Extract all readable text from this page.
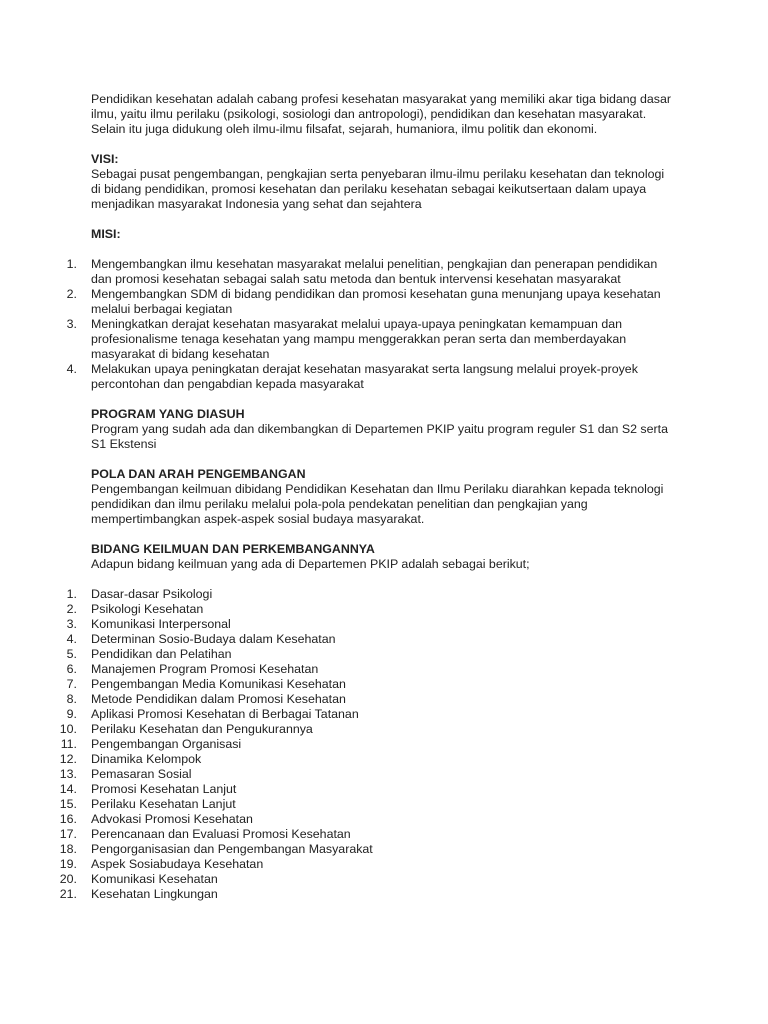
Pendidikan kesehatan adalah cabang profesi kesehatan masyarakat yang memiliki akar tiga bidang dasar ilmu, yaitu ilmu perilaku (psikologi, sosiologi dan antropologi), pendidikan dan kesehatan masyarakat. Selain itu juga didukung oleh ilmu-ilmu filsafat, sejarah, humaniora, ilmu politik dan ekonomi.

VISI:

Sebagai pusat pengembangan, pengkajian serta penyebaran ilmu-ilmu perilaku kesehatan dan teknologi di bidang pendidikan, promosi kesehatan dan perilaku kesehatan sebagai keikutsertaan dalam upaya menjadikan masyarakat Indonesia yang sehat dan sejahtera

MISI:

1. Mengembangkan ilmu kesehatan masyarakat melalui penelitian, pengkajian dan penerapan pendidikan dan promosi kesehatan sebagai salah satu metoda dan bentuk intervensi kesehatan masyarakat
2. Mengembangkan SDM di bidang pendidikan dan promosi kesehatan guna menunjang upaya kesehatan melalui berbagai kegiatan
3. Meningkatkan derajat kesehatan masyarakat melalui upaya-upaya peningkatan kemampuan dan profesionalisme tenaga kesehatan yang mampu menggerakkan peran serta dan memberdayakan masyarakat di bidang kesehatan
4. Melakukan upaya peningkatan derajat kesehatan masyarakat serta langsung melalui proyek-proyek percontohan dan pengabdian kepada masyarakat

PROGRAM YANG DIASUH

Program yang sudah ada dan dikembangkan di Departemen PKIP yaitu program reguler S1 dan S2 serta S1 Ekstensi

POLA DAN ARAH PENGEMBANGAN

Pengembangan keilmuan dibidang Pendidikan Kesehatan dan Ilmu Perilaku diarahkan kepada teknologi pendidikan dan ilmu perilaku melalui pola-pola pendekatan penelitian dan pengkajian yang mempertimbangkan aspek-aspek sosial budaya masyarakat.

BIDANG KEILMUAN DAN PERKEMBANGANNYA

Adapun bidang keilmuan yang ada di Departemen PKIP adalah sebagai berikut;

1. Dasar-dasar Psikologi
2. Psikologi Kesehatan
3. Komunikasi Interpersonal
4. Determinan Sosio-Budaya dalam Kesehatan
5. Pendidikan dan Pelatihan
6. Manajemen Program Promosi Kesehatan
7. Pengembangan Media Komunikasi Kesehatan
8. Metode Pendidikan dalam Promosi Kesehatan
9. Aplikasi Promosi Kesehatan di Berbagai Tatanan
10. Perilaku Kesehatan dan Pengukurannya
11. Pengembangan Organisasi
12. Dinamika Kelompok
13. Pemasaran Sosial
14. Promosi Kesehatan Lanjut
15. Perilaku Kesehatan Lanjut
16. Advokasi Promosi Kesehatan
17. Perencanaan dan Evaluasi Promosi Kesehatan
18. Pengorganisasian dan Pengembangan Masyarakat
19. Aspek Sosiabudaya Kesehatan
20. Komunikasi Kesehatan
21. Kesehatan Lingkungan
